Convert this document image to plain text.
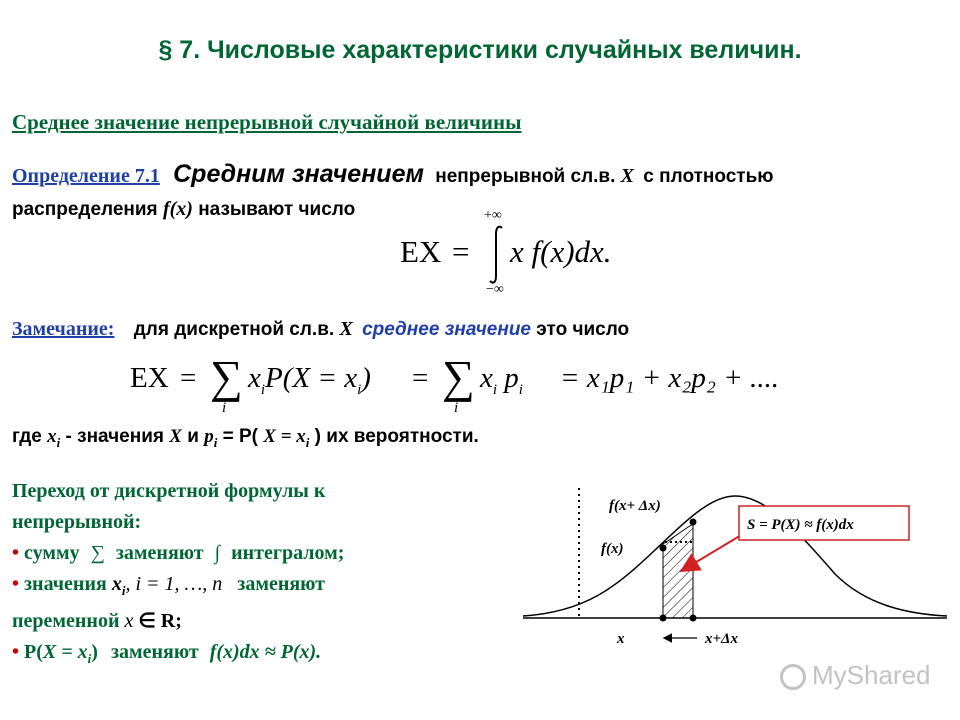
§ 7. Числовые характеристики случайных величин.
Среднее значение непрерывной случайной величины
Определение 7.1 Средним значением непрерывной сл.в. X с плотностью
распределения f(x) называют число
EX =
+∞
−∞
x f(x)dx.
Замечание: для дискретной сл.в. X среднее значение это число
EX = ∑
i
$x_iP(X = x_i)$ = ∑
i
$x_i$ $p_i = x_1p_1 + x_2p_2$ + ....
где $x_i$ - значения X и $p_i = P$( $X = x_i$ ) их вероятности.
Переход от дискретной формулы к
непрерывной:
• сумму ∑ заменяют ∫ интегралом;
• значения $x_i$, i = 1, …, n заменяют
переменной x ∈ R;
• $P(X = x_i)$ заменяют f(x)dx ≈ P(x).
f(x+ Δx)
f(x)
x	x+Δx
S = P(X) ≈ f(x)dx
MyShared
